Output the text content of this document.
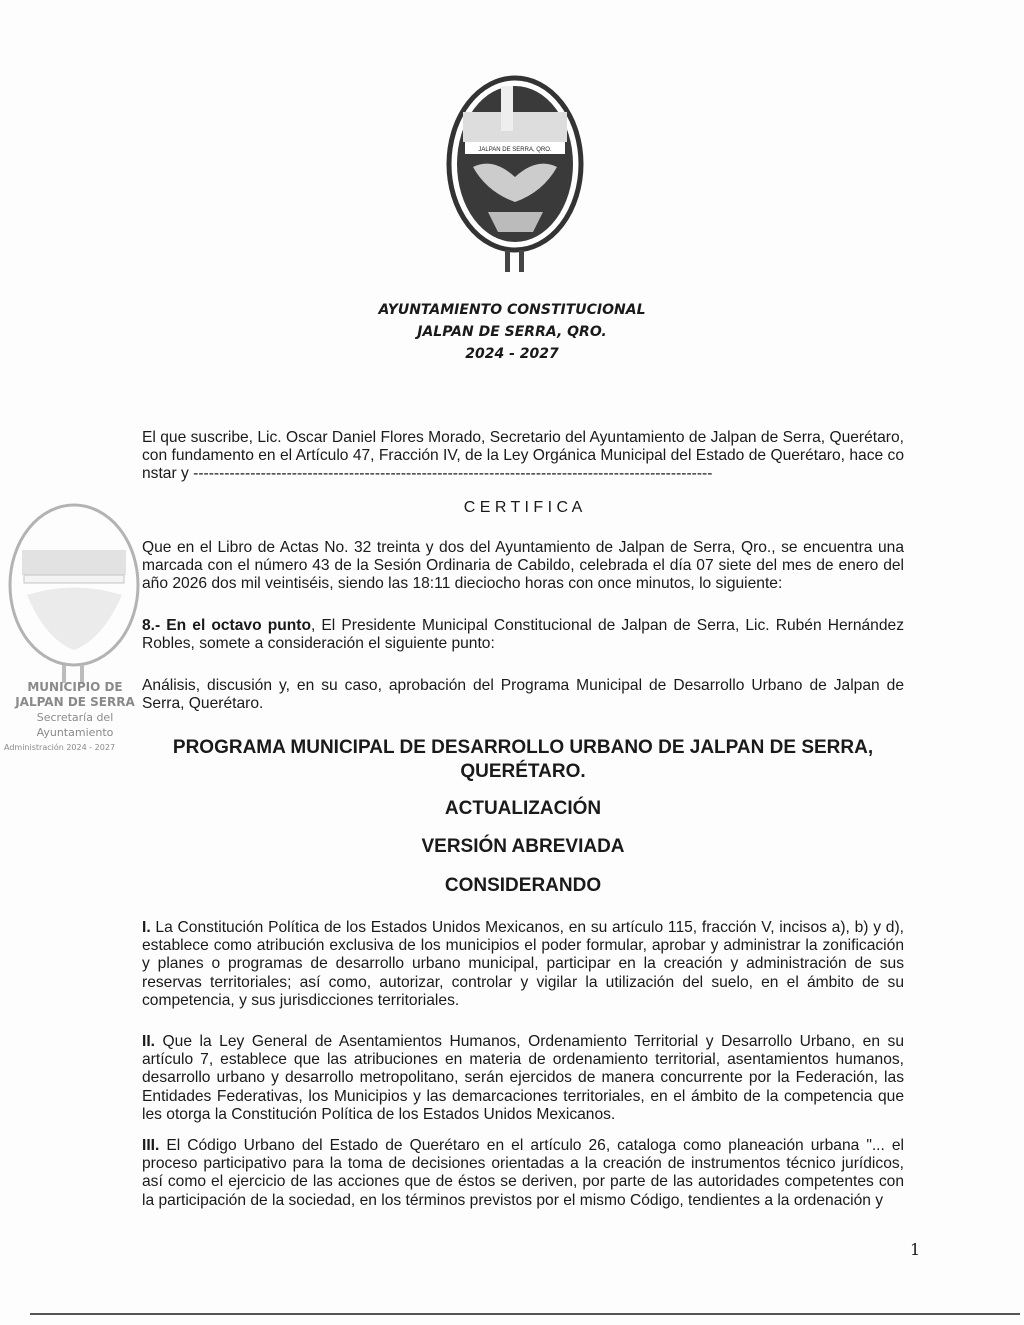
JALPAN DE SERRA, QRO.
AYUNTAMIENTO CONSTITUCIONAL
JALPAN DE SERRA, QRO.
2024 - 2027
El que suscribe, Lic. Oscar Daniel Flores Morado, Secretario del Ayuntamiento de Jalpan de Serra, Querétaro, con fundamento en el Artículo 47, Fracción IV, de la Ley Orgánica Municipal del Estado de Querétaro, hace constar y ----------------------------------------------------------------------------------------------------
C E R T I F I C A
Que en el Libro de Actas No. 32 treinta y dos del Ayuntamiento de Jalpan de Serra, Qro., se encuentra una marcada con el número 43 de la Sesión Ordinaria de Cabildo, celebrada el día 07 siete del mes de enero del año 2026 dos mil veintiséis, siendo las 18:11 dieciocho horas con once minutos, lo siguiente:
8.- En el octavo punto, El Presidente Municipal Constitucional de Jalpan de Serra, Lic. Rubén Hernández Robles, somete a consideración el siguiente punto:
Análisis, discusión y, en su caso, aprobación del Programa Municipal de Desarrollo Urbano de Jalpan de Serra, Querétaro.
MUNICIPIO DE
JALPAN DE SERRA
Secretaría del
Ayuntamiento
Administración 2024 - 2027	PROGRAMA MUNICIPAL DE DESARROLLO URBANO DE JALPAN DE SERRA,
QUERÉTARO.
ACTUALIZACIÓN
VERSIÓN ABREVIADA
CONSIDERANDO
I. La Constitución Política de los Estados Unidos Mexicanos, en su artículo 115, fracción V, incisos a), b) y d), establece como atribución exclusiva de los municipios el poder formular, aprobar y administrar la zonificación y planes o programas de desarrollo urbano municipal, participar en la creación y administración de sus reservas territoriales; así como, autorizar, controlar y vigilar la utilización del suelo, en el ámbito de su competencia, y sus jurisdicciones territoriales.
II. Que la Ley General de Asentamientos Humanos, Ordenamiento Territorial y Desarrollo Urbano, en su artículo 7, establece que las atribuciones en materia de ordenamiento territorial, asentamientos humanos, desarrollo urbano y desarrollo metropolitano, serán ejercidos de manera concurrente por la Federación, las Entidades Federativas, los Municipios y las demarcaciones territoriales, en el ámbito de la competencia que les otorga la Constitución Política de los Estados Unidos Mexicanos.
III. El Código Urbano del Estado de Querétaro en el artículo 26, cataloga como planeación urbana "... el proceso participativo para la toma de decisiones orientadas a la creación de instrumentos técnico jurídicos, así como el ejercicio de las acciones que de éstos se deriven, por parte de las autoridades competentes con la participación de la sociedad, en los términos previstos por el mismo Código, tendientes a la ordenación y
1
